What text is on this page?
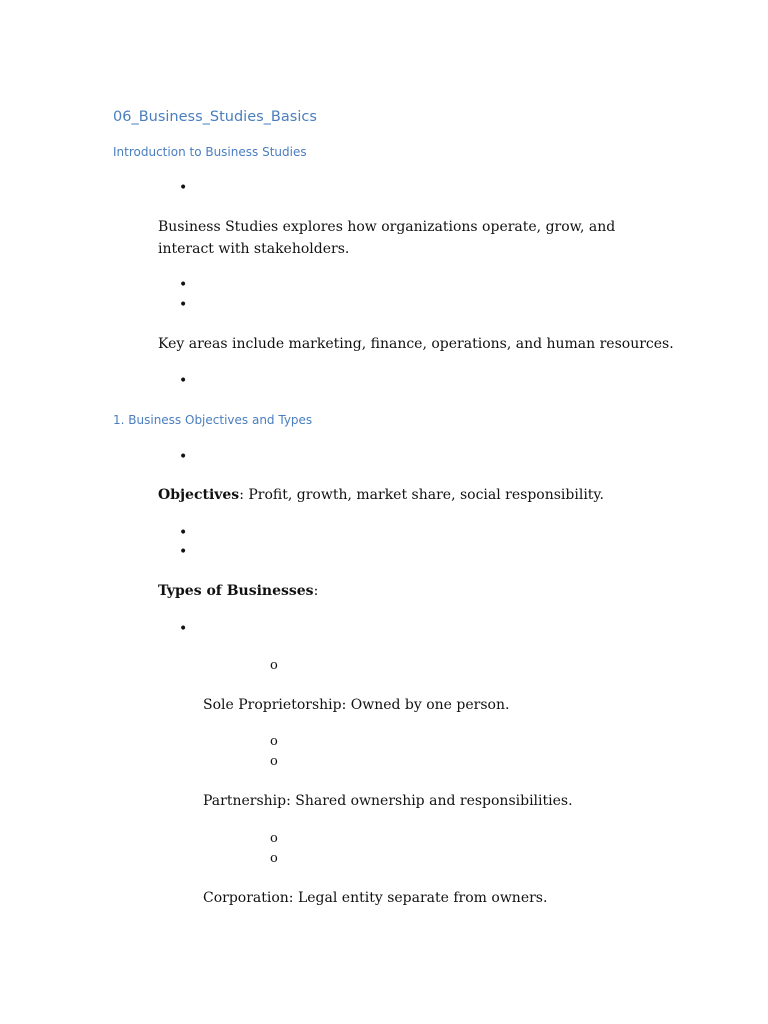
06_Business_Studies_Basics
Introduction to Business Studies
•
Business Studies explores how organizations operate, grow, and interact with stakeholders.
•
•
Key areas include marketing, finance, operations, and human resources.
•
1. Business Objectives and Types
•
Objectives: Profit, growth, market share, social responsibility.
•
•
Types of Businesses:
•
o
Sole Proprietorship: Owned by one person.
o
o
Partnership: Shared ownership and responsibilities.
o
o
Corporation: Legal entity separate from owners.
